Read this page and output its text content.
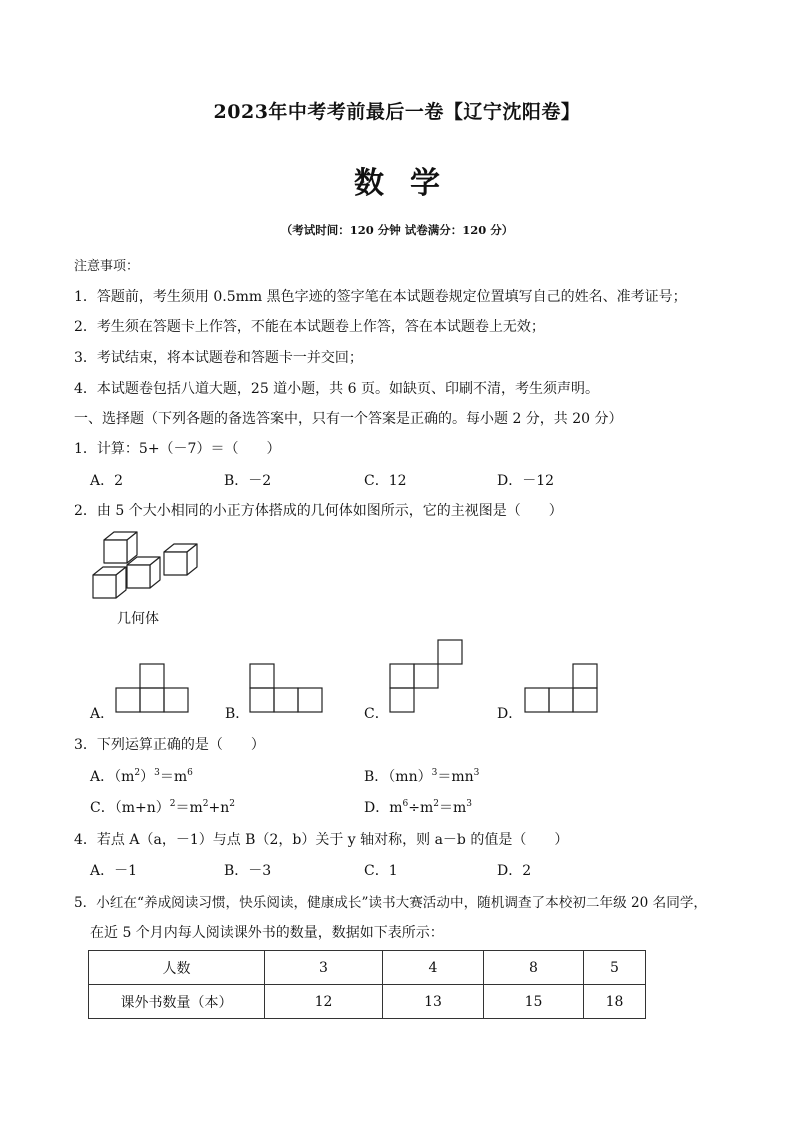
2023年中考考前最后一卷【辽宁沈阳卷】
数学
（考试时间：120 分钟 试卷满分：120 分）
注意事项：
1．答题前，考生须用 0.5mm 黑色字迹的签字笔在本试题卷规定位置填写自己的姓名、准考证号；
2．考生须在答题卡上作答，不能在本试题卷上作答，答在本试题卷上无效；
3．考试结束，将本试题卷和答题卡一并交回；
4．本试题卷包括八道大题，25 道小题，共 6 页。如缺页、印刷不清，考生须声明。
一、选择题（下列各题的备选答案中，只有一个答案是正确的。每小题 2 分，共 20 分）
1．计算：5+（－7）＝（　　）
A．2	B．－2	C．12	D．－12
2．由 5 个大小相同的小正方体搭成的几何体如图所示，它的主视图是（　　）
几何体
A．	B．	C．	D．
3．下列运算正确的是（　　）
A．$(m^2)^3=m^6$	B．$(mn)^3=mn^3$
C．$(m+n)^2=m^2+n^2$	D．$m^6\div m^2=m^3$
4．若点 A（a，－1）与点 B（2，b）关于 y 轴对称，则 a－b 的值是（　　）
A．－1	B．－3	C．1	D．2
5．小红在“养成阅读习惯，快乐阅读，健康成长”读书大赛活动中，随机调查了本校初二年级 20 名同学，
在近 5 个月内每人阅读课外书的数量，数据如下表所示：
人数	3	4	8	5
课外书数量（本）	12	13	15	18
